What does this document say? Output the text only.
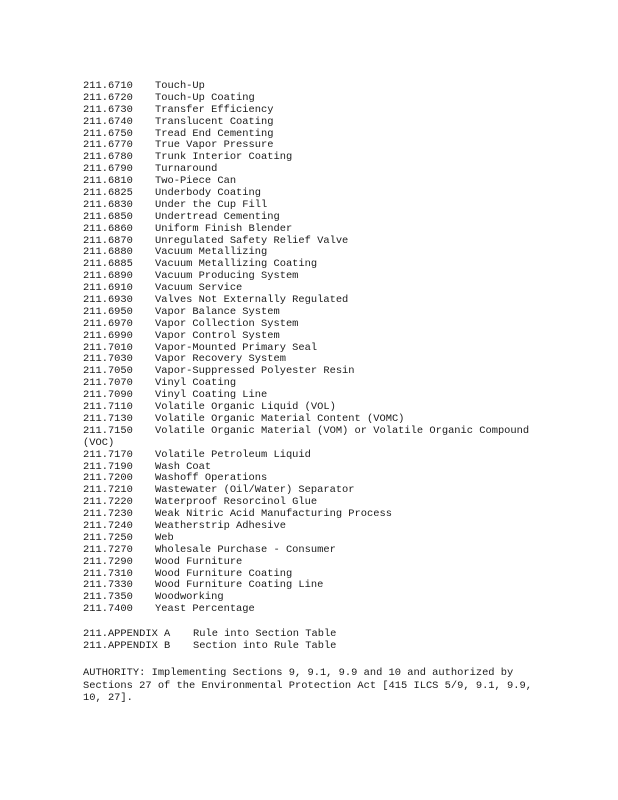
211.6710	Touch-Up
211.6720	Touch-Up Coating
211.6730	Transfer Efficiency
211.6740	Translucent Coating
211.6750	Tread End Cementing
211.6770	True Vapor Pressure
211.6780	Trunk Interior Coating
211.6790	Turnaround
211.6810	Two-Piece Can
211.6825	Underbody Coating
211.6830	Under the Cup Fill
211.6850	Undertread Cementing
211.6860	Uniform Finish Blender
211.6870	Unregulated Safety Relief Valve
211.6880	Vacuum Metallizing
211.6885	Vacuum Metallizing Coating
211.6890	Vacuum Producing System
211.6910	Vacuum Service
211.6930	Valves Not Externally Regulated
211.6950	Vapor Balance System
211.6970	Vapor Collection System
211.6990	Vapor Control System
211.7010	Vapor-Mounted Primary Seal
211.7030	Vapor Recovery System
211.7050	Vapor-Suppressed Polyester Resin
211.7070	Vinyl Coating
211.7090	Vinyl Coating Line
211.7110	Volatile Organic Liquid (VOL)
211.7130	Volatile Organic Material Content (VOMC)
211.7150 Volatile Organic Material (VOM) or Volatile Organic Compound (VOC)
211.7170	Volatile Petroleum Liquid
211.7190	Wash Coat
211.7200	Washoff Operations
211.7210	Wastewater (Oil/Water) Separator
211.7220	Waterproof Resorcinol Glue
211.7230	Weak Nitric Acid Manufacturing Process
211.7240	Weatherstrip Adhesive
211.7250	Web
211.7270	Wholesale Purchase - Consumer
211.7290	Wood Furniture
211.7310	Wood Furniture Coating
211.7330	Wood Furniture Coating Line
211.7350	Woodworking
211.7400	Yeast Percentage
211.APPENDIX A	Rule into Section Table
211.APPENDIX B	Section into Rule Table
AUTHORITY: Implementing Sections 9, 9.1, 9.9 and 10 and authorized by Sections 27 of the Environmental Protection Act [415 ILCS 5/9, 9.1, 9.9, 10, 27].
